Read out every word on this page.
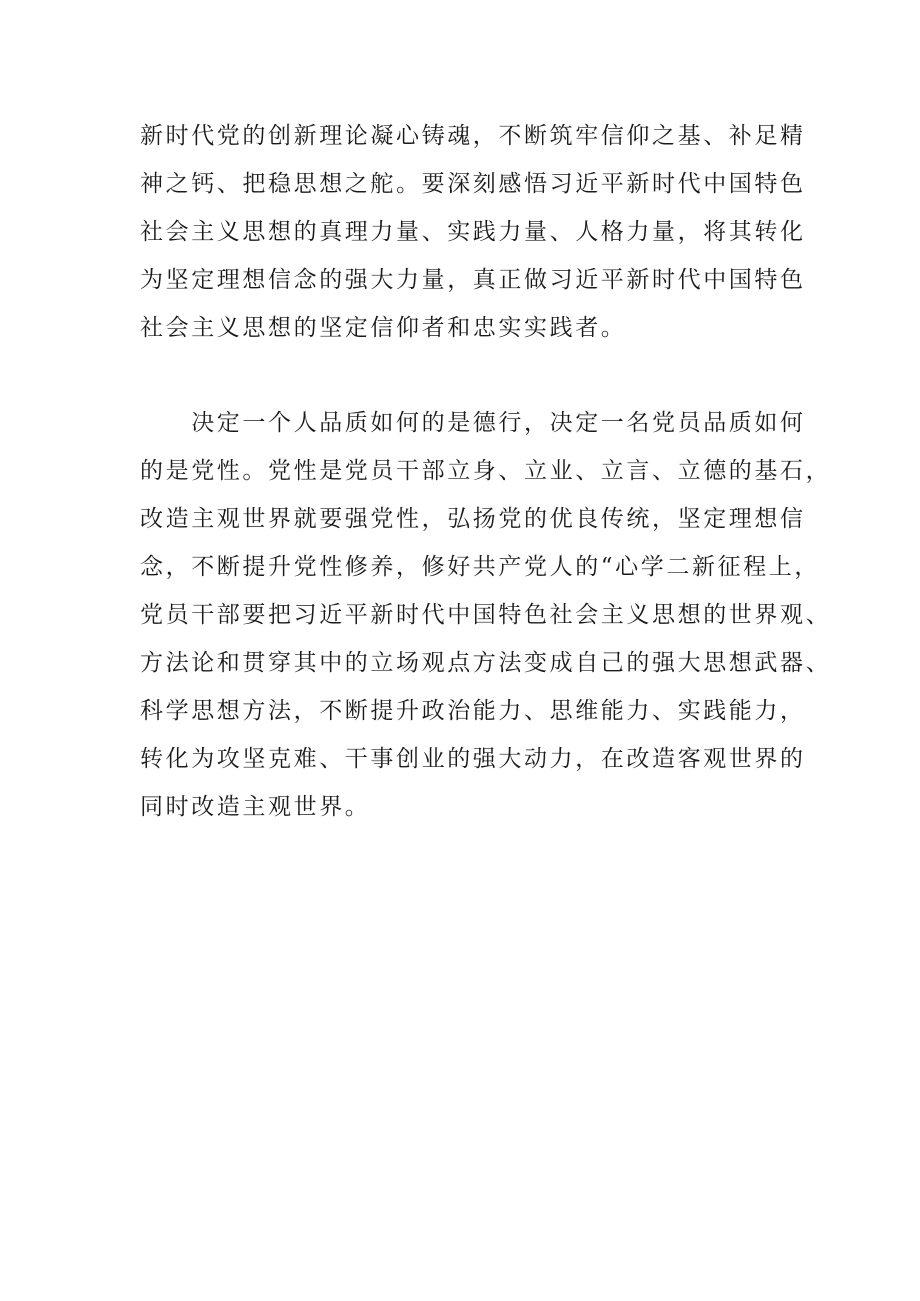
新时代党的创新理论凝心铸魂，不断筑牢信仰之基、补足精
神之钙、把稳思想之舵。要深刻感悟习近平新时代中国特色
社会主义思想的真理力量、实践力量、人格力量，将其转化
为坚定理想信念的强大力量，真正做习近平新时代中国特色
社会主义思想的坚定信仰者和忠实实践者。
　　决定一个人品质如何的是德行，决定一名党员品质如何
的是党性。党性是党员干部立身、立业、立言、立德的基石，
改造主观世界就要强党性，弘扬党的优良传统，坚定理想信
念，不断提升党性修养，修好共产党人的“心学二新征程上，
党员干部要把习近平新时代中国特色社会主义思想的世界观、
方法论和贯穿其中的立场观点方法变成自己的强大思想武器、
科学思想方法，不断提升政治能力、思维能力、实践能力，
转化为攻坚克难、干事创业的强大动力，在改造客观世界的
同时改造主观世界。
